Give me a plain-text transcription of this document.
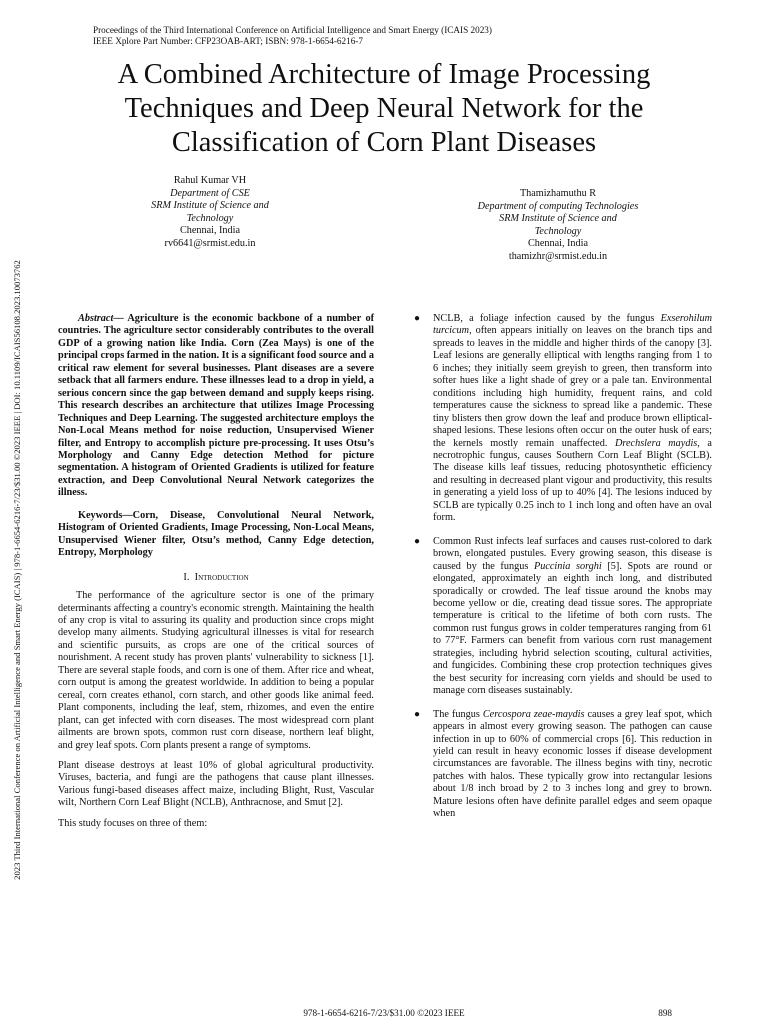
2023 Third International Conference on Artificial Intelligence and Smart Energy (ICAIS) | 978-1-6654-6216-7/23/$31.00 ©2023 IEEE | DOI: 10.1109/ICAIS56108.2023.10073762
Proceedings of the Third International Conference on Artificial Intelligence and Smart Energy (ICAIS 2023)
IEEE Xplore Part Number: CFP23OAB-ART; ISBN: 978-1-6654-6216-7
A Combined Architecture of Image Processing Techniques and Deep Neural Network for the Classification of Corn Plant Diseases
Rahul Kumar VH
Department of CSE
SRM Institute of Science and
Technology
Chennai, India
rv6641@srmist.edu.in
Thamizhamuthu R
Department of computing Technologies
SRM Institute of Science and
Technology
Chennai, India
thamizhr@srmist.edu.in

Abstract— Agriculture is the economic backbone of a number of countries. The agriculture sector considerably contributes to the overall GDP of a growing nation like India. Corn (Zea Mays) is one of the principal crops farmed in the nation. It is a significant food source and a critical raw element for several businesses. Plant diseases are a severe setback that all farmers endure. These illnesses lead to a drop in yield, a serious concern since the gap between demand and supply keeps rising. This research describes an architecture that utilizes Image Processing Techniques and Deep Learning. The suggested architecture employs the Non-Local Means method for noise reduction, Unsupervised Wiener filter, and Entropy to accomplish picture pre-processing. It uses Otsu’s Morphology and Canny Edge detection Method for picture segmentation. A histogram of Oriented Gradients is utilized for feature extraction, and Deep Convolutional Neural Network categorizes the illness.

Keywords—Corn, Disease, Convolutional Neural Network, Histogram of Oriented Gradients, Image Processing, Non-Local Means, Unsupervised Wiener filter, Otsu’s method, Canny Edge detection, Entropy, Morphology

I. Introduction

The performance of the agriculture sector is one of the primary determinants affecting a country's economic strength. Maintaining the health of any crop is vital to assuring its quality and production since crops might develop many ailments. Studying agricultural illnesses is vital for research and scientific pursuits, as crops are one of the critical sources of nourishment. A recent study has proven plants' vulnerability to sickness [1]. There are several staple foods, and corn is one of them. After rice and wheat, corn output is among the greatest worldwide. In addition to being a popular cereal, corn creates ethanol, corn starch, and other goods like animal feed. Plant components, including the leaf, stem, rhizomes, and even the entire plant, can get infected with corn diseases. The most widespread corn plant ailments are brown spots, common rust corn disease, northern leaf blight, and grey leaf spots. Corn plants present a range of symptoms.

Plant disease destroys at least 10% of global agricultural productivity. Viruses, bacteria, and fungi are the pathogens that cause plant illnesses. Various fungi-based diseases affect maize, including Blight, Rust, Vascular wilt, Northern Corn Leaf Blight (NCLB), Anthracnose, and Smut [2].

This study focuses on three of them:

● NCLB, a foliage infection caused by the fungus Exserohilum turcicum, often appears initially on leaves on the branch tips and spreads to leaves in the middle and higher thirds of the canopy [3]. Leaf lesions are generally elliptical with lengths ranging from 1 to 6 inches; they initially seem greyish to green, then transform into softer hues like a light shade of grey or a pale tan. Environmental conditions including high humidity, frequent rains, and cold temperatures cause the sickness to spread like a pandemic. These tiny blisters then grow down the leaf and produce brown elliptical-shaped lesions. These lesions often occur on the outer husk of ears; the kernels mostly remain unaffected. Drechslera maydis, a necrotrophic fungus, causes Southern Corn Leaf Blight (SCLB). The disease kills leaf tissues, reducing photosynthetic efficiency and resulting in decreased plant vigour and productivity, this results in generating a yield loss of up to 40% [4]. The lesions induced by SCLB are typically 0.25 inch to 1 inch long and often have an oval form.
● Common Rust infects leaf surfaces and causes rust-colored to dark brown, elongated pustules. Every growing season, this disease is caused by the fungus Puccinia sorghi [5]. Spots are round or elongated, approximately an eighth inch long, and distributed sporadically or crowded. The leaf tissue around the knobs may become yellow or die, creating dead tissue sores. The appropriate temperature is critical to the lifetime of both corn rusts. The common rust fungus grows in colder temperatures ranging from 61 to 77°F. Farmers can benefit from various corn rust management strategies, including hybrid selection scouting, cultural activities, and fungicides. Combining these crop protection techniques gives the best security for increasing corn yields and should be used to manage corn diseases sustainably.
● The fungus Cercospora zeae-maydis causes a grey leaf spot, which appears in almost every growing season. The pathogen can cause infection in up to 60% of commercial crops [6]. This reduction in yield can result in heavy economic losses if disease development circumstances are favorable. The illness begins with tiny, necrotic patches with halos. These typically grow into rectangular lesions about 1/8 inch broad by 2 to 3 inches long and grey to brown. Mature lesions often have definite parallel edges and seem opaque when
978-1-6654-6216-7/23/$31.00 ©2023 IEEE	898
